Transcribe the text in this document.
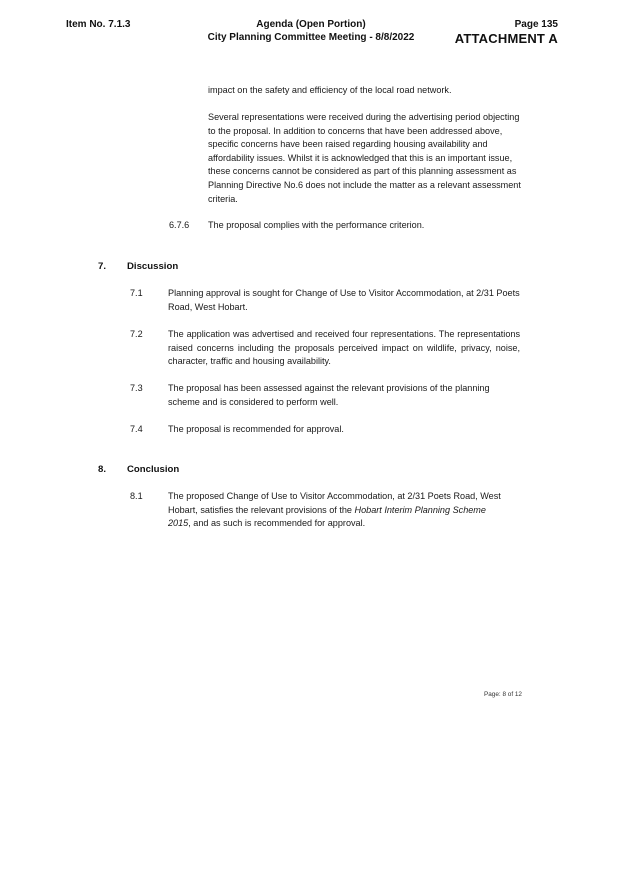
Item No. 7.1.3	Agenda (Open Portion)
City Planning Committee Meeting - 8/8/2022
Page 135
ATTACHMENT A

impact on the safety and efficiency of the local road network.

Several representations were received during the advertising period objecting to the proposal. In addition to concerns that have been addressed above, specific concerns have been raised regarding housing availability and affordability issues. Whilst it is acknowledged that this is an important issue, these concerns cannot be considered as part of this planning assessment as Planning Directive No.6 does not include the matter as a relevant assessment criteria.

6.7.6 The proposal complies with the performance criterion.

7. Discussion
7.1	Planning approval is sought for Change of Use to Visitor Accommodation, at 2/31 Poets Road, West Hobart.

7.2	The application was advertised and received four representations. The representations raised concerns including the proposals perceived impact on wildlife, privacy, noise, character, traffic and housing availability.

7.3	The proposal has been assessed against the relevant provisions of the planning scheme and is considered to perform well.

7.4	The proposal is recommended for approval.

8. Conclusion
8.1	The proposed Change of Use to Visitor Accommodation, at 2/31 Poets Road, West Hobart, satisfies the relevant provisions of the Hobart Interim Planning Scheme 2015, and as such is recommended for approval.

Page: 8 of 12
